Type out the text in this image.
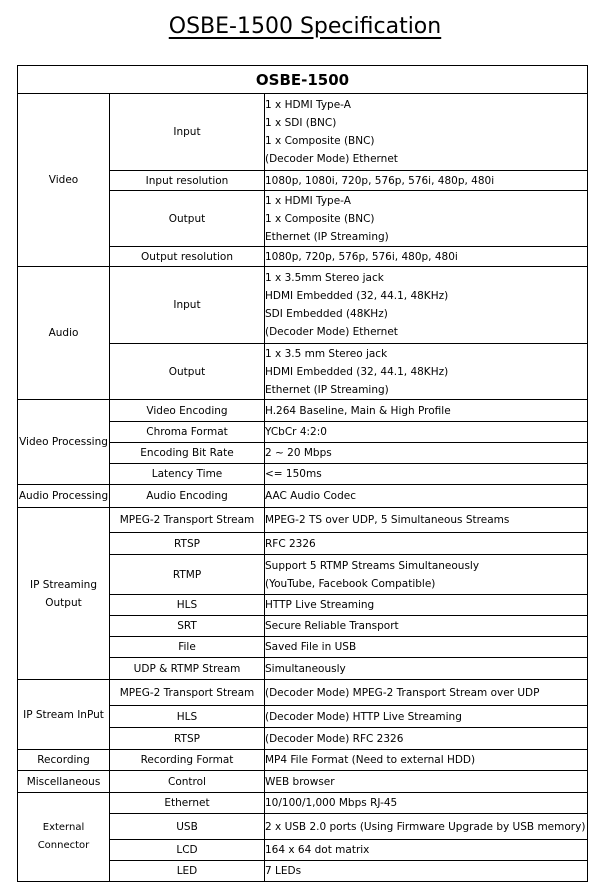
OSBE-1500 Specification
OSBE-1500		
Video	Input	1 x HDMI Type-A
1 x SDI (BNC)
1 x Composite (BNC)
(Decoder Mode) Ethernet

	Input resolution	1080p, 1080i, 720p, 576p, 576i, 480p, 480i
	Output	1 x HDMI Type-A
1 x Composite (BNC)
Ethernet (IP Streaming)

	Output resolution	1080p, 720p, 576p, 576i, 480p, 480i
Audio	Input	1 x 3.5mm Stereo jack
HDMI Embedded (32, 44.1, 48KHz)
SDI Embedded (48KHz)
(Decoder Mode) Ethernet

	Output	1 x 3.5 mm Stereo jack
HDMI Embedded (32, 44.1, 48KHz)
Ethernet (IP Streaming)

Video Processing	Video Encoding	H.264 Baseline, Main & High Profile
	Chroma Format	YCbCr 4:2:0
	Encoding Bit Rate	2 ~ 20 Mbps
	Latency Time	<= 150ms
Audio Processing	Audio Encoding	AAC Audio Codec

IP Streaming
Output	MPEG-2 Transport Stream	MPEG-2 TS over UDP, 5 Simultaneous Streams
	RTSP	RFC 2326
	RTMP	Support 5 RTMP Streams Simultaneously
(YouTube, Facebook Compatible)

	HLS	HTTP Live Streaming
	SRT	Secure Reliable Transport
	File	Saved File in USB
	UDP & RTMP Stream	Simultaneously
IP Stream InPut	MPEG-2 Transport Stream	(Decoder Mode) MPEG-2 Transport Stream over UDP
	HLS	(Decoder Mode) HTTP Live Streaming
	RTSP	(Decoder Mode) RFC 2326
Recording	Recording Format	MP4 File Format (Need to external HDD)
Miscellaneous	Control	WEB browser
External Connector	Ethernet	10/100/1,000 Mbps RJ-45
	USB	2 x USB 2.0 ports (Using Firmware Upgrade by USB memory)
	LCD	164 x 64 dot matrix
	LED	7 LEDs
